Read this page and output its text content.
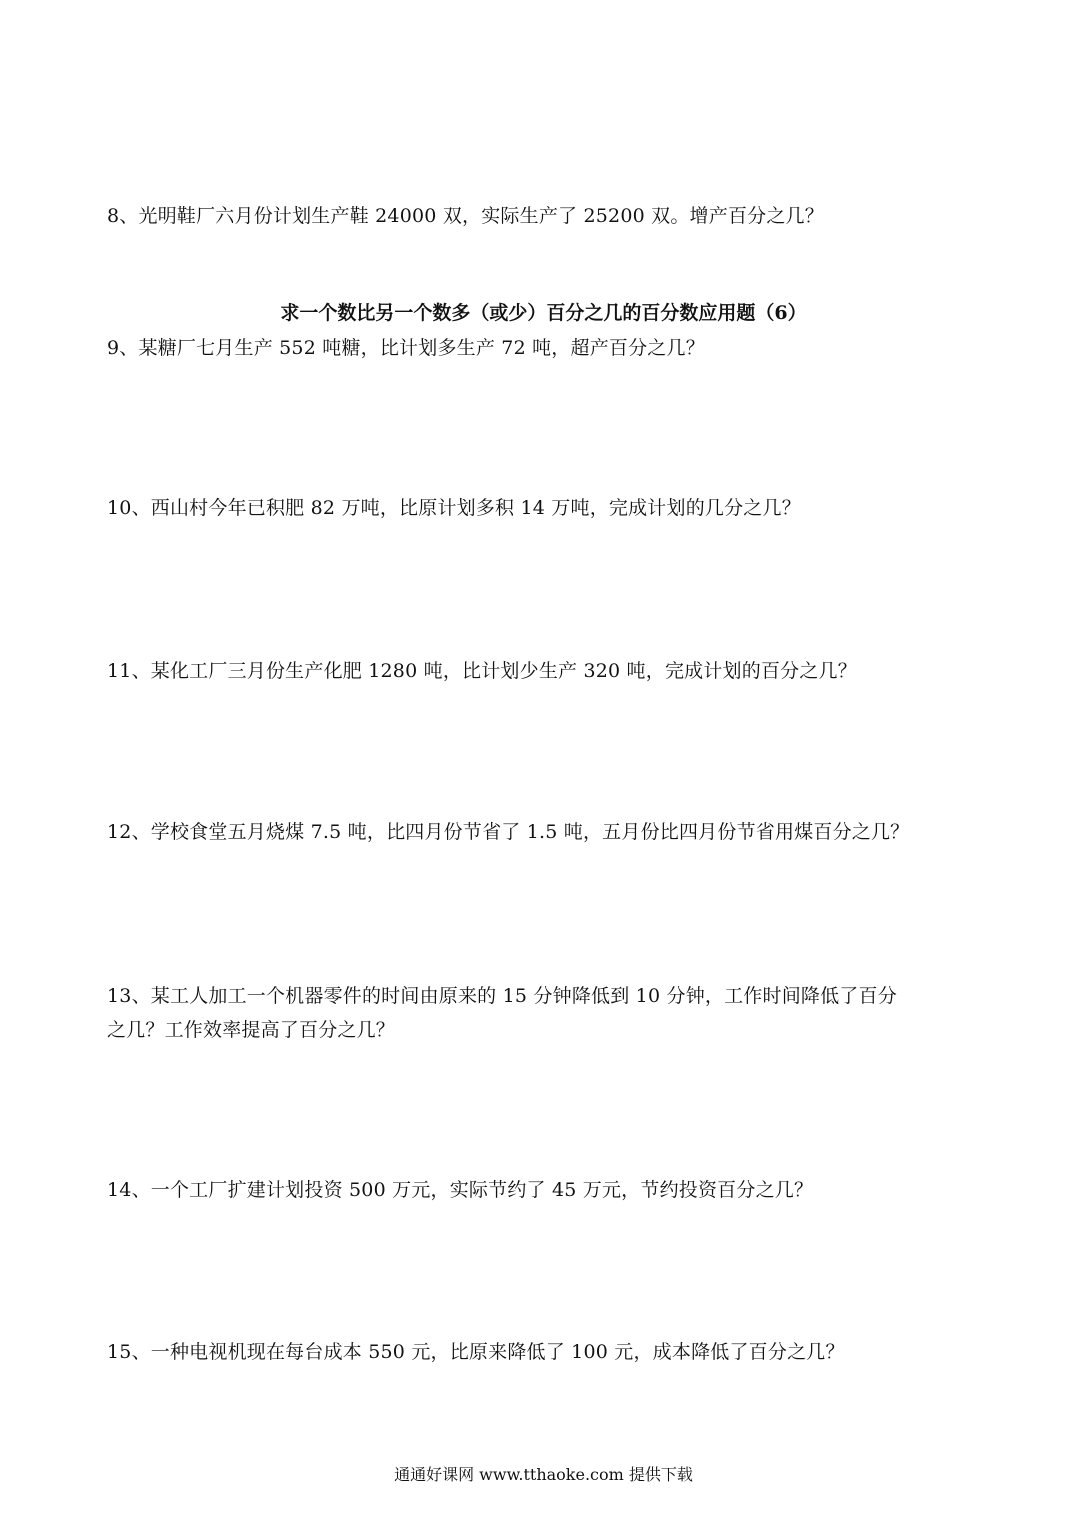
8、光明鞋厂六月份计划生产鞋 24000 双，实际生产了 25200 双。增产百分之几？
求一个数比另一个数多（或少）百分之几的百分数应用题（6）
9、某糖厂七月生产 552 吨糖，比计划多生产 72 吨，超产百分之几？
10、西山村今年已积肥 82 万吨，比原计划多积 14 万吨，完成计划的几分之几？
11、某化工厂三月份生产化肥 1280 吨，比计划少生产 320 吨，完成计划的百分之几？
12、学校食堂五月烧煤 7.5 吨，比四月份节省了 1.5 吨，五月份比四月份节省用煤百分之几？
13、某工人加工一个机器零件的时间由原来的 15 分钟降低到 10 分钟，工作时间降低了百分
之几？工作效率提高了百分之几？
14、一个工厂扩建计划投资 500 万元，实际节约了 45 万元，节约投资百分之几？
15、一种电视机现在每台成本 550 元，比原来降低了 100 元，成本降低了百分之几？
通通好课网 www.tthaoke.com 提供下载
